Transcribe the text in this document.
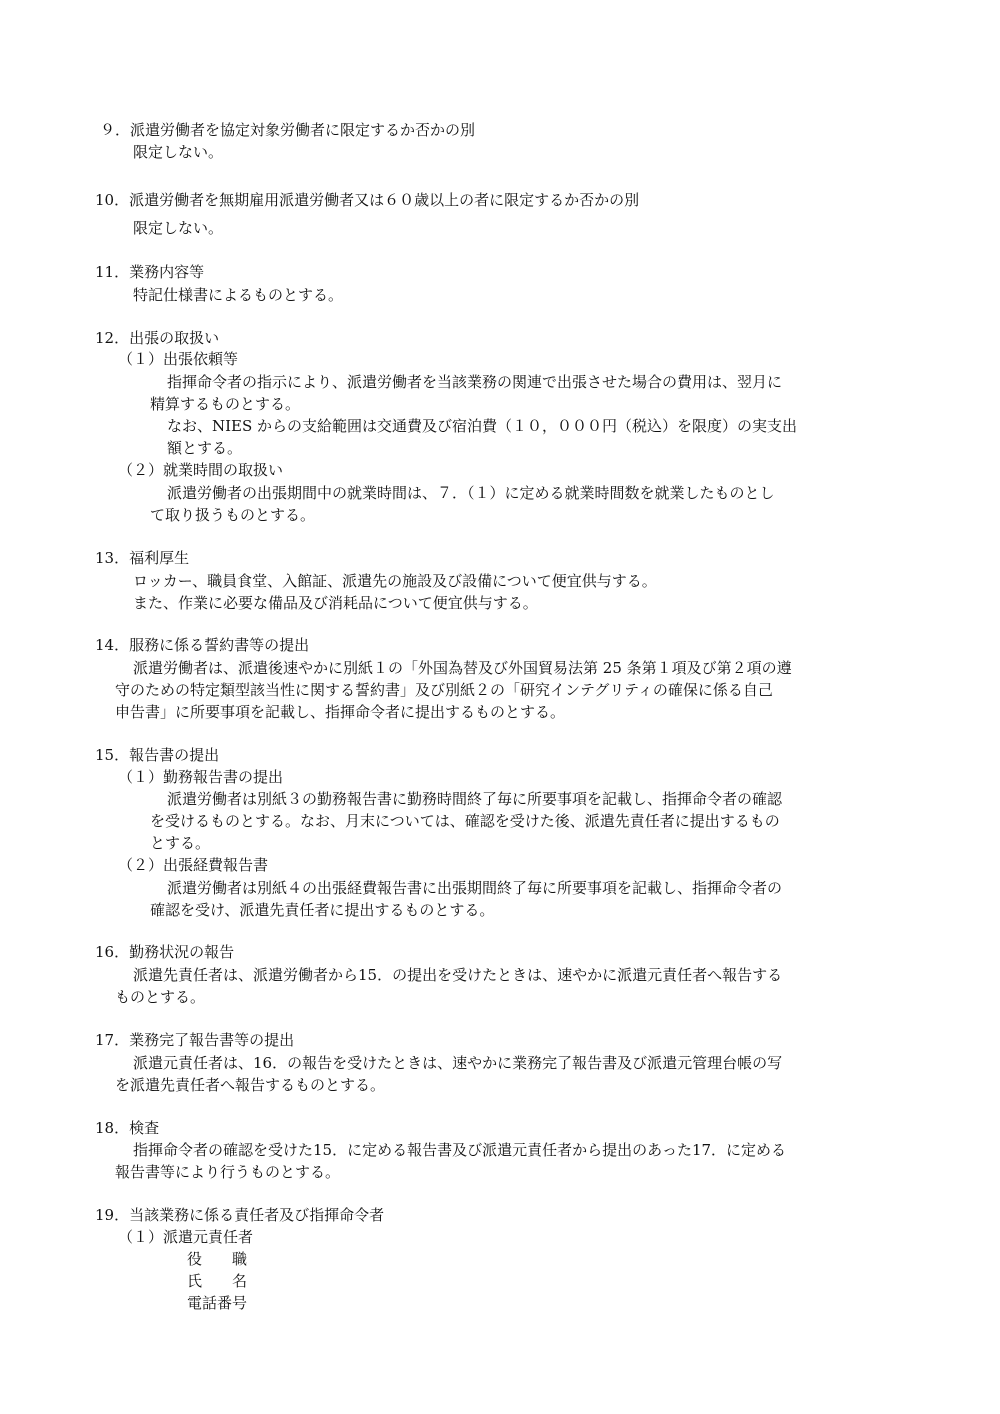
９．派遣労働者を協定対象労働者に限定するか否かの別
限定しない。
10．派遣労働者を無期雇用派遣労働者又は６０歳以上の者に限定するか否かの別
限定しない。
11．業務内容等
特記仕様書によるものとする。
12．出張の取扱い
（１）出張依頼等
指揮命令者の指示により、派遣労働者を当該業務の関連で出張させた場合の費用は、翌月に
精算するものとする。
なお、NIES からの支給範囲は交通費及び宿泊費（１０，０００円（税込）を限度）の実支出
額とする。
（２）就業時間の取扱い
派遣労働者の出張期間中の就業時間は、７．（１）に定める就業時間数を就業したものとし
て取り扱うものとする。
13．福利厚生
ロッカー、職員食堂、入館証、派遣先の施設及び設備について便宜供与する。
また、作業に必要な備品及び消耗品について便宜供与する。
14．服務に係る誓約書等の提出
派遣労働者は、派遣後速やかに別紙１の「外国為替及び外国貿易法第 25 条第１項及び第２項の遵
守のための特定類型該当性に関する誓約書」及び別紙２の「研究インテグリティの確保に係る自己
申告書」に所要事項を記載し、指揮命令者に提出するものとする。
15．報告書の提出
（１）勤務報告書の提出
派遣労働者は別紙３の勤務報告書に勤務時間終了毎に所要事項を記載し、指揮命令者の確認
を受けるものとする。なお、月末については、確認を受けた後、派遣先責任者に提出するもの
とする。
（２）出張経費報告書
派遣労働者は別紙４の出張経費報告書に出張期間終了毎に所要事項を記載し、指揮命令者の
確認を受け、派遣先責任者に提出するものとする。
16．勤務状況の報告
派遣先責任者は、派遣労働者から15．の提出を受けたときは、速やかに派遣元責任者へ報告する
ものとする。
17．業務完了報告書等の提出
派遣元責任者は、16．の報告を受けたときは、速やかに業務完了報告書及び派遣元管理台帳の写
を派遣先責任者へ報告するものとする。
18．検査
指揮命令者の確認を受けた15．に定める報告書及び派遣元責任者から提出のあった17．に定める
報告書等により行うものとする。
19．当該業務に係る責任者及び指揮命令者
（１）派遣元責任者
役　　職
氏　　名
電話番号
